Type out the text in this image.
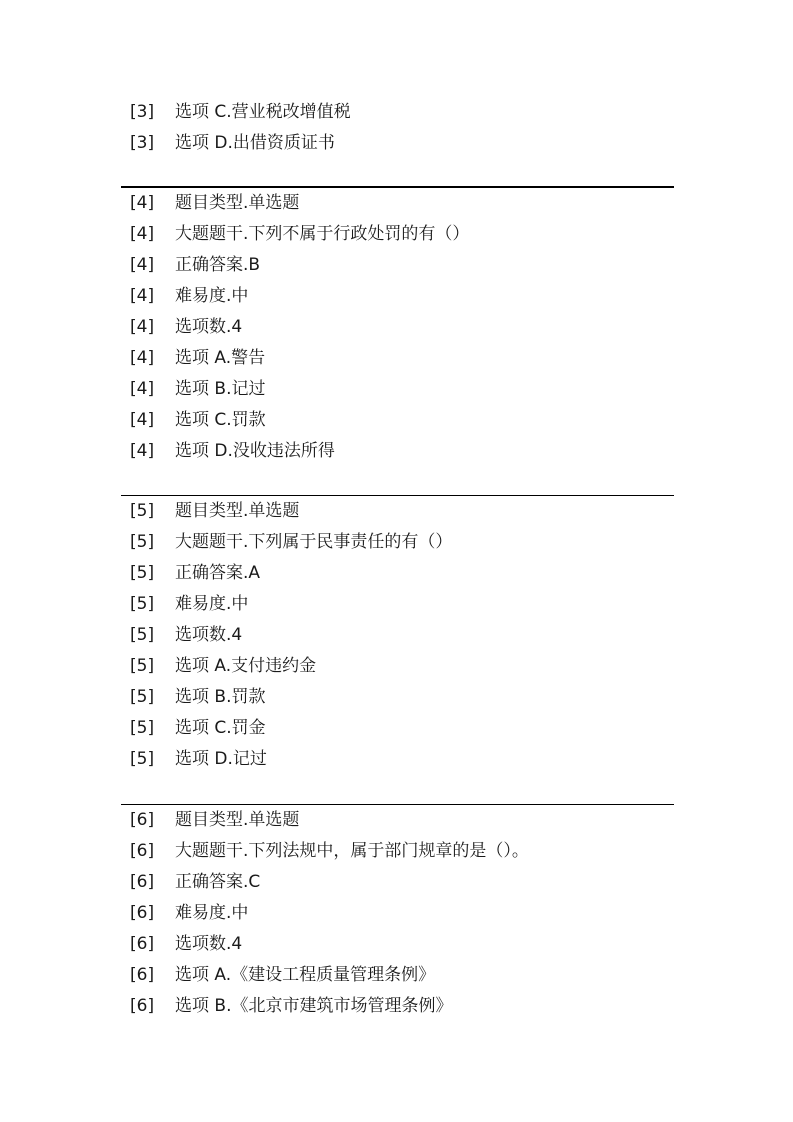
[3] 选项 C.营业税改增值税
[3] 选项 D.出借资质证书
[4] 题目类型.单选题
[4] 大题题干.下列不属于行政处罚的有（）
[4] 正确答案.B
[4] 难易度.中
[4] 选项数.4
[4] 选项 A.警告
[4] 选项 B.记过
[4] 选项 C.罚款
[4] 选项 D.没收违法所得
[5] 题目类型.单选题
[5] 大题题干.下列属于民事责任的有（）
[5] 正确答案.A
[5] 难易度.中
[5] 选项数.4
[5] 选项 A.支付违约金
[5] 选项 B.罚款
[5] 选项 C.罚金
[5] 选项 D.记过
[6] 题目类型.单选题
[6] 大题题干.下列法规中，属于部门规章的是（）。
[6] 正确答案.C
[6] 难易度.中
[6] 选项数.4
[6] 选项 A.《建设工程质量管理条例》
[6] 选项 B.《北京市建筑市场管理条例》
